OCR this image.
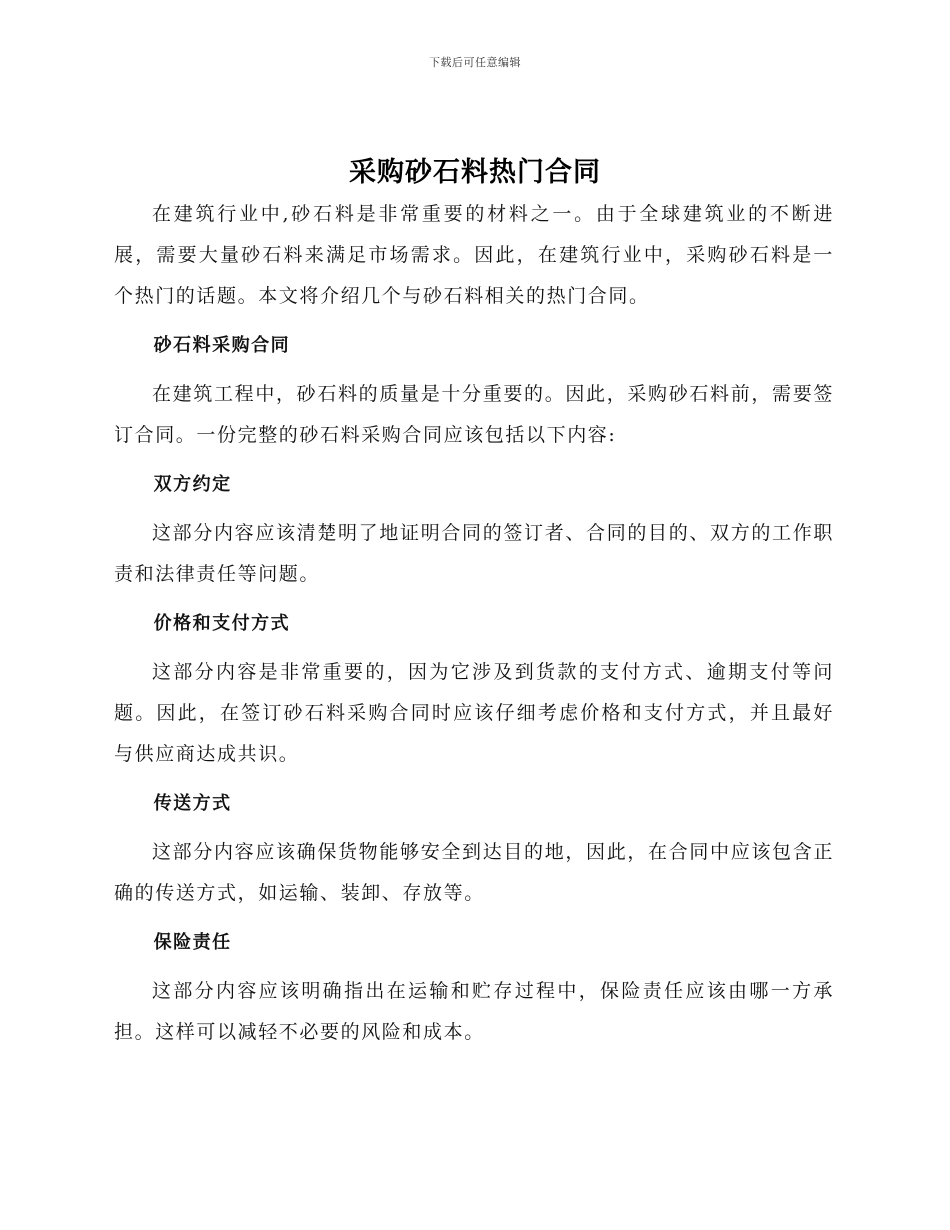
下载后可任意编辑
采购砂石料热门合同

在建筑行业中,砂石料是非常重要的材料之一。由于全球建筑业的不断进展，需要大量砂石料来满足市场需求。因此，在建筑行业中，采购砂石料是一个热门的话题。本文将介绍几个与砂石料相关的热门合同。

砂石料采购合同

在建筑工程中，砂石料的质量是十分重要的。因此，采购砂石料前，需要签订合同。一份完整的砂石料采购合同应该包括以下内容:

双方约定

这部分内容应该清楚明了地证明合同的签订者、合同的目的、双方的工作职责和法律责任等问题。

价格和支付方式

这部分内容是非常重要的，因为它涉及到货款的支付方式、逾期支付等问题。因此，在签订砂石料采购合同时应该仔细考虑价格和支付方式，并且最好与供应商达成共识。

传送方式

这部分内容应该确保货物能够安全到达目的地，因此，在合同中应该包含正确的传送方式，如运输、装卸、存放等。

保险责任

这部分内容应该明确指出在运输和贮存过程中，保险责任应该由哪一方承担。这样可以减轻不必要的风险和成本。
